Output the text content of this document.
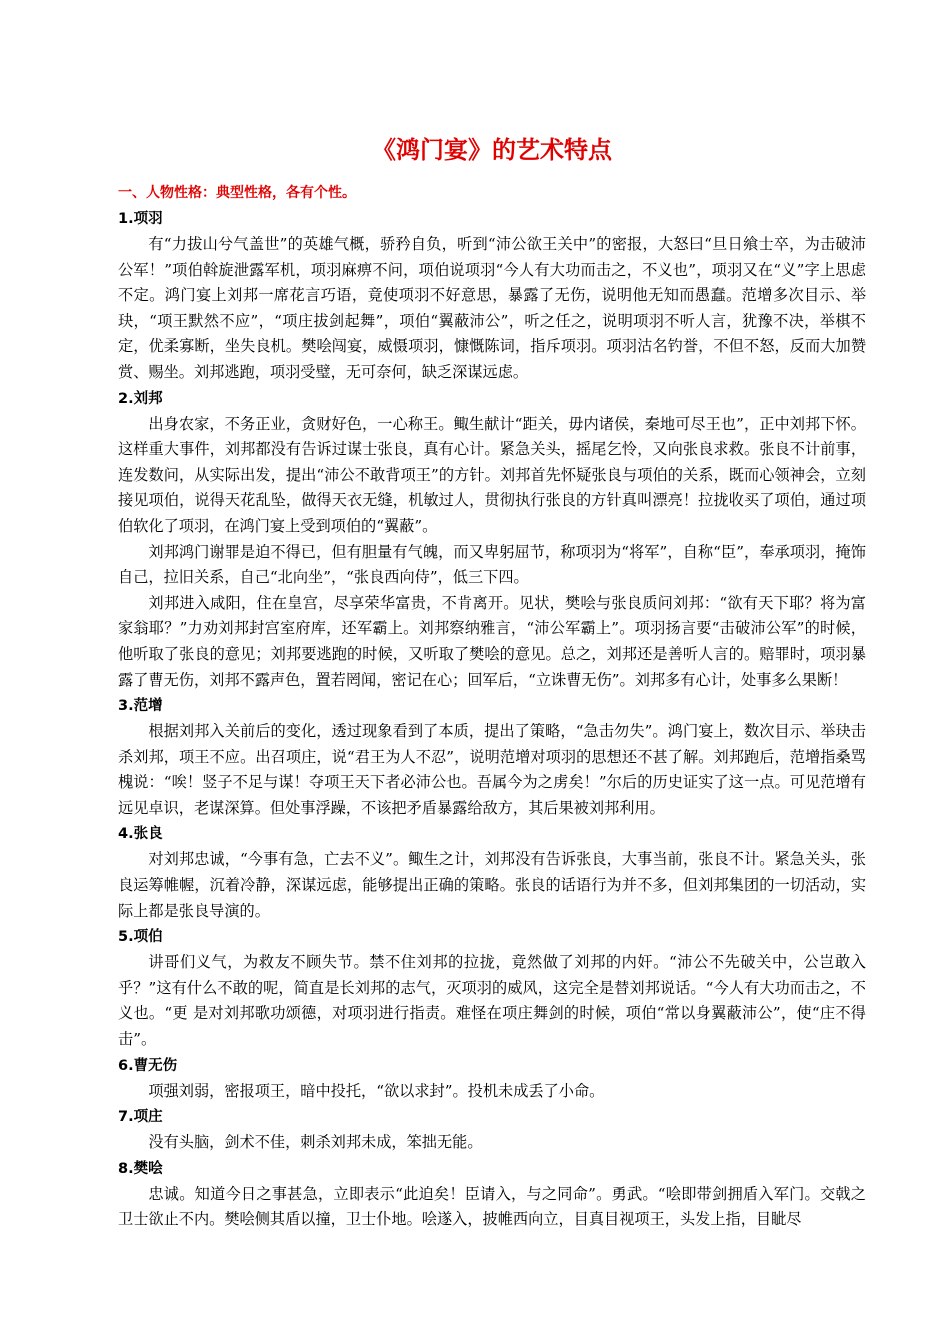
《鸿门宴》的艺术特点

一、人物性格：典型性格，各有个性。

1.项羽

有“力拔山兮气盖世”的英雄气概，骄矜自负，听到“沛公欲王关中”的密报，大怒曰“旦日飨士卒，为击破沛公军！”项伯斡旋泄露军机，项羽麻痹不问，项伯说项羽“今人有大功而击之，不义也”，项羽又在“义”字上思虑不定。鸿门宴上刘邦一席花言巧语，竟使项羽不好意思，暴露了无伤，说明他无知而愚蠢。范增多次目示、举玦，“项王默然不应”，“项庄拔剑起舞”，项伯“翼蔽沛公”，听之任之，说明项羽不听人言，犹豫不决，举棋不定，优柔寡断，坐失良机。樊哙闯宴，威慑项羽，慷慨陈词，指斥项羽。项羽沽名钓誉，不但不怒，反而大加赞赏、赐坐。刘邦逃跑，项羽受璧，无可奈何，缺乏深谋远虑。

2.刘邦

出身农家，不务正业，贪财好色，一心称王。鲰生献计“距关，毋内诸侯，秦地可尽王也”，正中刘邦下怀。这样重大事件，刘邦都没有告诉过谋士张良，真有心计。紧急关头，摇尾乞怜，又向张良求救。张良不计前事，连发数问，从实际出发，提出“沛公不敢背项王”的方针。刘邦首先怀疑张良与项伯的关系，既而心领神会，立刻接见项伯，说得天花乱坠，做得天衣无缝，机敏过人，贯彻执行张良的方针真叫漂亮！拉拢收买了项伯，通过项伯软化了项羽，在鸿门宴上受到项伯的“翼蔽”。

刘邦鸿门谢罪是迫不得已，但有胆量有气魄，而又卑躬屈节，称项羽为“将军”，自称“臣”，奉承项羽，掩饰自己，拉旧关系，自己“北向坐”，“张良西向侍”，低三下四。

刘邦进入咸阳，住在皇宫，尽享荣华富贵，不肯离开。见状，樊哙与张良质问刘邦：“欲有天下耶？将为富家翁耶？”力劝刘邦封宫室府库，还军霸上。刘邦察纳雅言，“沛公军霸上”。项羽扬言要“击破沛公军”的时候，他听取了张良的意见；刘邦要逃跑的时候，又听取了樊哙的意见。总之，刘邦还是善听人言的。赔罪时，项羽暴露了曹无伤，刘邦不露声色，置若罔闻，密记在心；回军后，“立诛曹无伤”。刘邦多有心计，处事多么果断！

3.范增

根据刘邦入关前后的变化，透过现象看到了本质，提出了策略，“急击勿失”。鸿门宴上，数次目示、举玦击杀刘邦，项王不应。出召项庄，说“君王为人不忍”，说明范增对项羽的思想还不甚了解。刘邦跑后，范增指桑骂槐说：“唉！竖子不足与谋！夺项王天下者必沛公也。吾属今为之虏矣！”尔后的历史证实了这一点。可见范增有远见卓识，老谋深算。但处事浮躁，不该把矛盾暴露给敌方，其后果被刘邦利用。

4.张良

对刘邦忠诚，“今事有急，亡去不义”。鲰生之计，刘邦没有告诉张良，大事当前，张良不计。紧急关头，张良运筹帷幄，沉着冷静，深谋远虑，能够提出正确的策略。张良的话语行为并不多，但刘邦集团的一切活动，实际上都是张良导演的。

5.项伯

讲哥们义气，为救友不顾失节。禁不住刘邦的拉拢，竟然做了刘邦的内奸。“沛公不先破关中，公岂敢入乎？”这有什么不敢的呢，简直是长刘邦的志气，灭项羽的威风，这完全是替刘邦说话。“今人有大功而击之，不义也。“更 是对刘邦歌功颂德，对项羽进行指责。难怪在项庄舞剑的时候，项伯“常以身翼蔽沛公”，使“庄不得击”。

6.曹无伤

项强刘弱，密报项王，暗中投托，“欲以求封”。投机未成丢了小命。

7.项庄

没有头脑，剑术不佳，刺杀刘邦未成，笨拙无能。

8.樊哙

忠诚。知道今日之事甚急，立即表示“此迫矣！臣请入，与之同命”。勇武。“哙即带剑拥盾入军门。交戟之卫士欲止不内。樊哙侧其盾以撞，卫士仆地。哙遂入，披帷西向立，目真目视项王，头发上指，目眦尽
